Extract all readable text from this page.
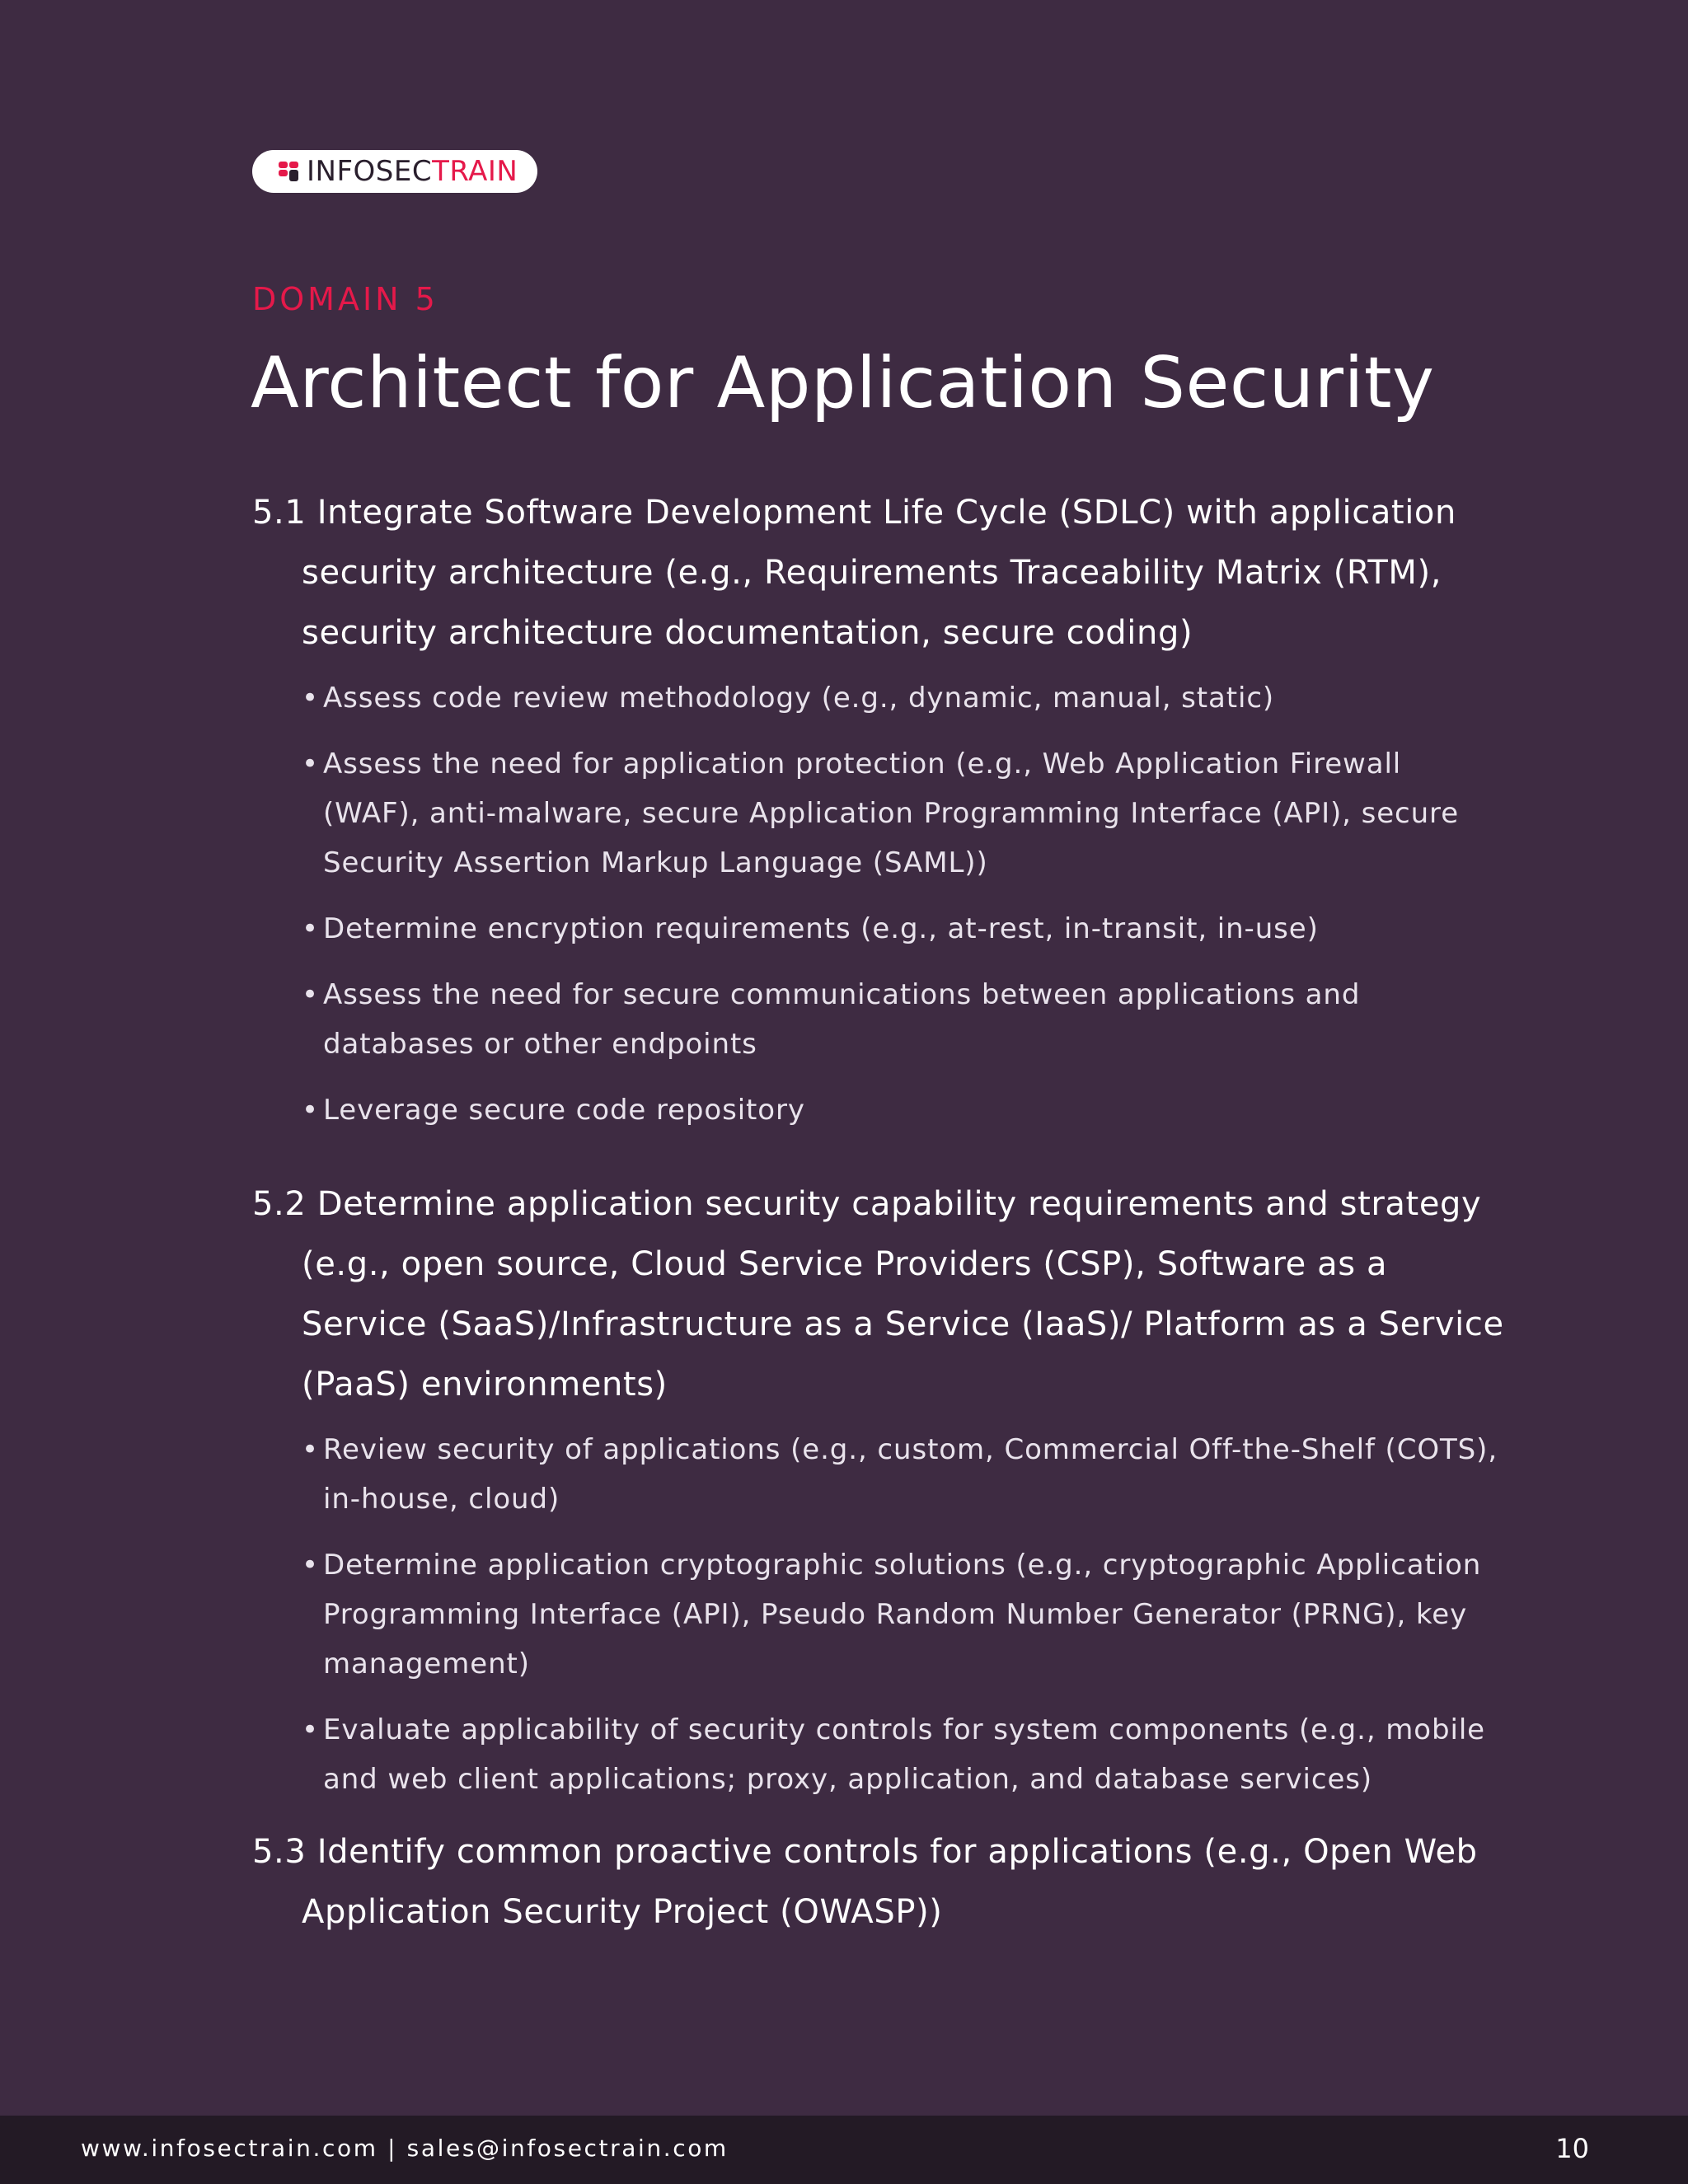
INFOSECTRAIN
DOMAIN 5
Architect for Application Security

5.1 Integrate Software Development Life Cycle (SDLC) with application security architecture (e.g., Requirements Traceability Matrix (RTM), security architecture documentation, secure coding)

• Assess code review methodology (e.g., dynamic, manual, static)
• Assess the need for application protection (e.g., Web Application Firewall (WAF), anti-malware, secure Application Programming Interface (API), secure Security Assertion Markup Language (SAML))
• Determine encryption requirements (e.g., at-rest, in-transit, in-use)
• Assess the need for secure communications between applications and databases or other endpoints
• Leverage secure code repository

5.2 Determine application security capability requirements and strategy (e.g., open source, Cloud Service Providers (CSP), Software as a Service (SaaS)/Infrastructure as a Service (IaaS)/ Platform as a Service (PaaS) environments)

• Review security of applications (e.g., custom, Commercial Off-the-Shelf (COTS), in-house, cloud)
• Determine application cryptographic solutions (e.g., cryptographic Application Programming Interface (API), Pseudo Random Number Generator (PRNG), key management)
• Evaluate applicability of security controls for system components (e.g., mobile and web client applications; proxy, application, and database services)

5.3 Identify common proactive controls for applications (e.g., Open Web Application Security Project (OWASP))

www.infosectrain.com | sales@infosectrain.com	10
